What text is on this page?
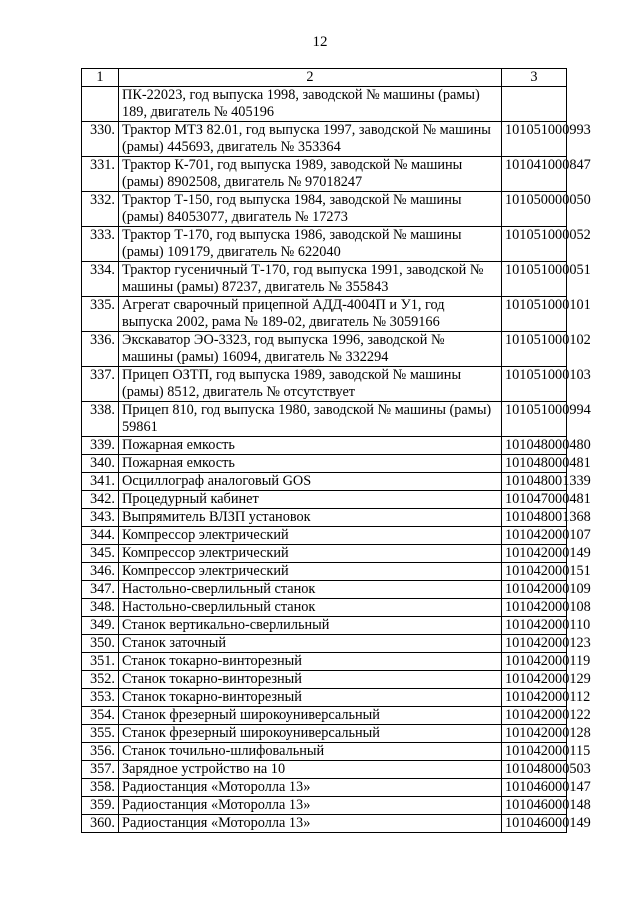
12
1	2	3
	ПК-22023, год выпуска 1998, заводской № машины (рамы) 189, двигатель № 405196	
330.	Трактор МТЗ 82.01, год выпуска 1997, заводской № машины (рамы) 445693, двигатель № 353364	101051000993
331.	Трактор К-701, год выпуска 1989, заводской № машины (рамы) 8902508, двигатель № 97018247	101041000847
332.	Трактор Т-150, год выпуска 1984, заводской № машины (рамы) 84053077, двигатель № 17273	101050000050
333.	Трактор Т-170, год выпуска 1986, заводской № машины (рамы) 109179, двигатель № 622040	101051000052
334.	Трактор гусеничный Т-170, год выпуска 1991, заводской № машины (рамы) 87237, двигатель № 355843	101051000051
335.	Агрегат сварочный прицепной АДД-4004П и У1, год выпуска 2002, рама № 189-02, двигатель № 3059166	101051000101
336.	Экскаватор ЭО-3323, год выпуска 1996, заводской № машины (рамы) 16094, двигатель № 332294	101051000102
337.	Прицеп ОЗТП, год выпуска 1989, заводской № машины (рамы) 8512, двигатель № отсутствует	101051000103
338.	Прицеп 810, год выпуска 1980, заводской № машины (рамы) 59861	101051000994
339.	Пожарная емкость	101048000480
340.	Пожарная емкость	101048000481
341.	Осциллограф аналоговый GOS	101048001339
342.	Процедурный кабинет	101047000481
343.	Выпрямитель ВЛЗП установок	101048001368
344.	Компрессор электрический	101042000107
345.	Компрессор электрический	101042000149
346.	Компрессор электрический	101042000151
347.	Настольно-сверлильный станок	101042000109
348.	Настольно-сверлильный станок	101042000108
349.	Станок вертикально-сверлильный	101042000110
350.	Станок заточный	101042000123
351.	Станок токарно-винторезный	101042000119
352.	Станок токарно-винторезный	101042000129
353.	Станок токарно-винторезный	101042000112
354.	Станок фрезерный широкоуниверсальный	101042000122
355.	Станок фрезерный широкоуниверсальный	101042000128
356.	Станок точильно-шлифовальный	101042000115
357.	Зарядное устройство на 10	101048000503
358.	Радиостанция «Моторолла 13»	101046000147
359.	Радиостанция «Моторолла 13»	101046000148
360.	Радиостанция «Моторолла 13»	101046000149
